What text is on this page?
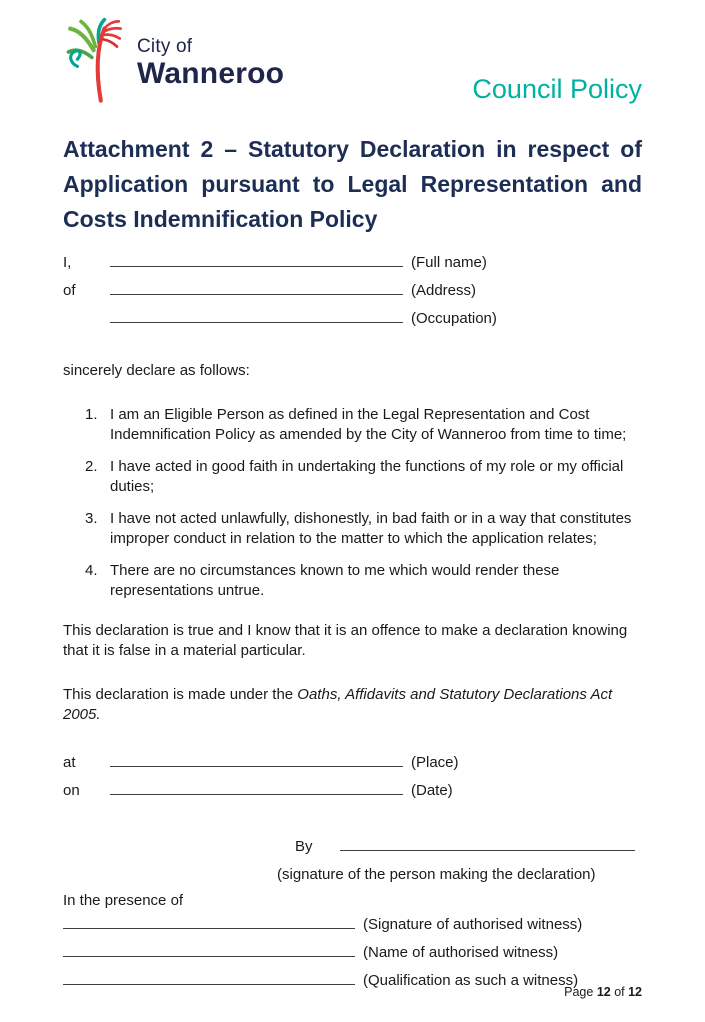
City of
Wanneroo	Council Policy
Attachment 2 – Statutory Declaration in respect of Application pursuant to Legal Representation and Costs Indemnification Policy
I,	(Full name)
of	(Address)
(Occupation)
sincerely declare as follows:
1. I am an Eligible Person as defined in the Legal Representation and Cost Indemnification Policy as amended by the City of Wanneroo from time to time;
2. I have acted in good faith in undertaking the functions of my role or my official duties;
3. I have not acted unlawfully, dishonestly, in bad faith or in a way that constitutes improper conduct in relation to the matter to which the application relates;
4. There are no circumstances known to me which would render these representations untrue.
This declaration is true and I know that it is an offence to make a declaration knowing that it is false in a material particular.
This declaration is made under the Oaths, Affidavits and Statutory Declarations Act 2005.
at	(Place)
on	(Date)
By
(signature of the person making the declaration)
In the presence of
(Signature of authorised witness)
(Name of authorised witness)
(Qualification as such a witness)
Page 12 of 12
